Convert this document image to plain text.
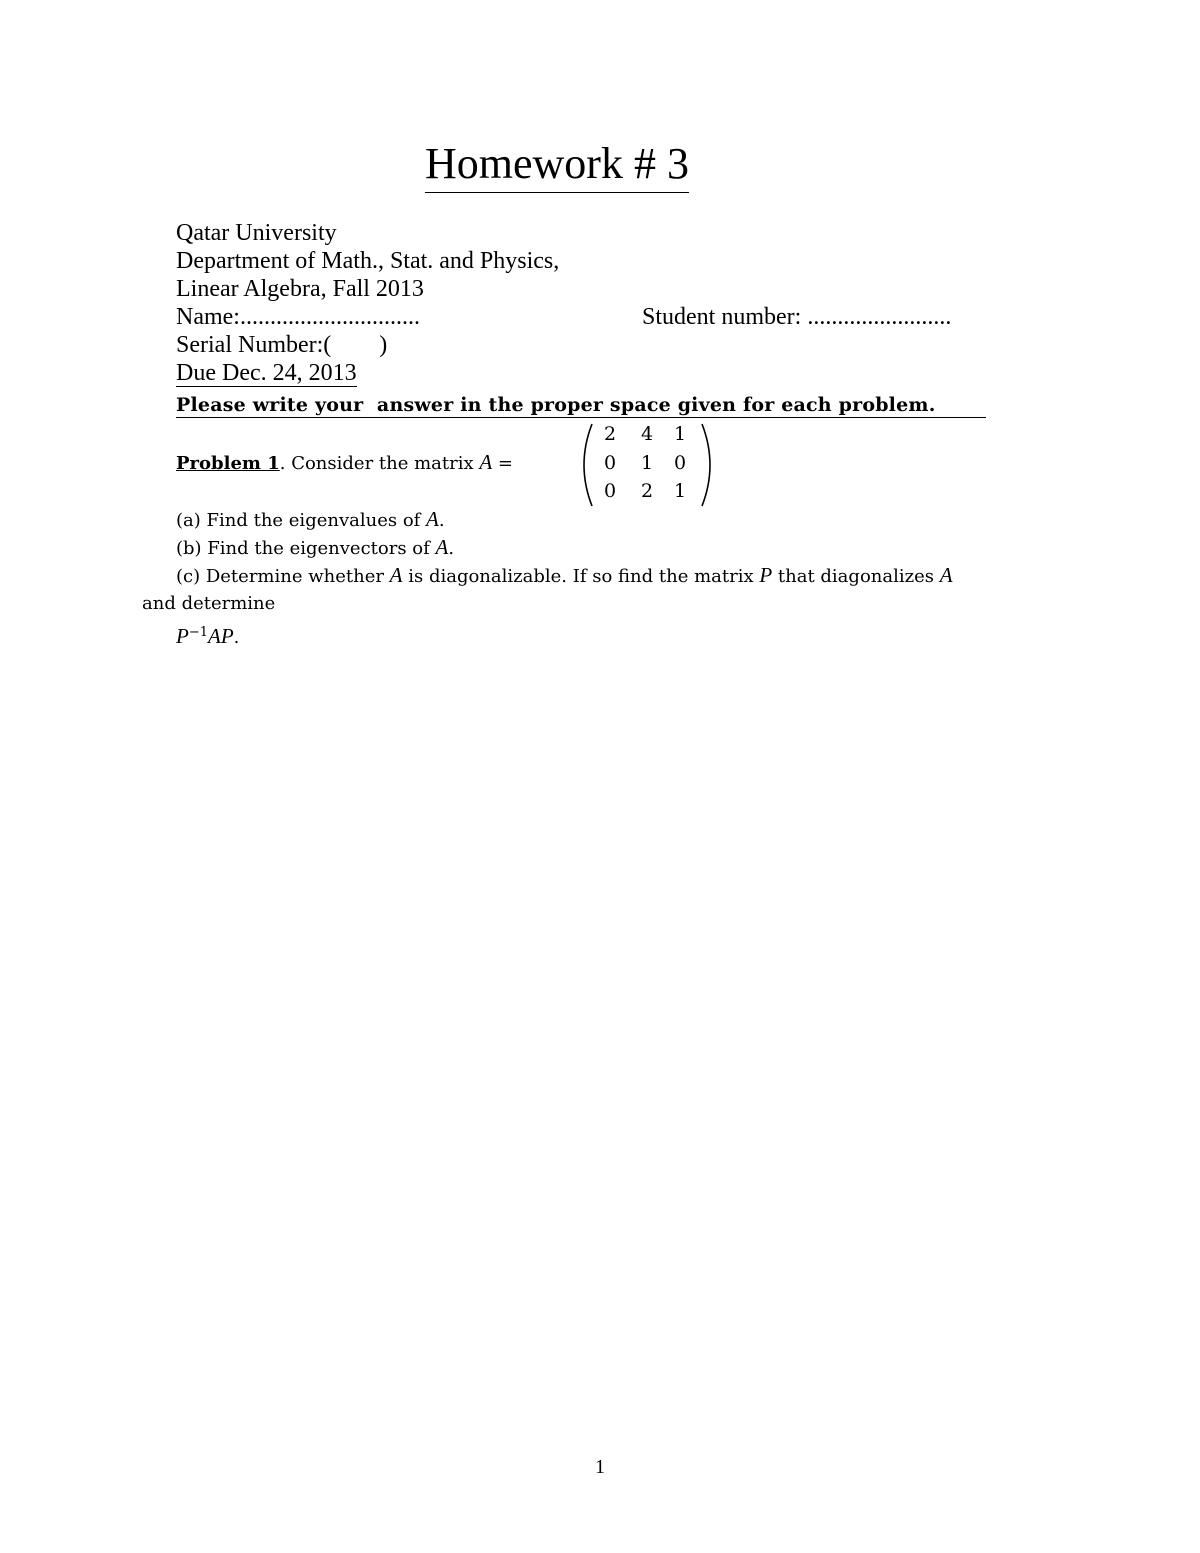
Homework # 3
Qatar University
Department of Math., Stat. and Physics,
Linear Algebra, Fall 2013
Name:..............................	Student number: ........................
Serial Number:(        )
Due Dec. 24, 2013
Please write your  answer in the proper space given for each problem.
Problem 1. Consider the matrix A =
2 4 1
0 1 0
0 2 1
(a) Find the eigenvalues of A.
(b) Find the eigenvectors of A.
(c) Determine whether A is diagonalizable. If so find the matrix P that diagonalizes A
and determine
$P^{-1}AP$.
1
